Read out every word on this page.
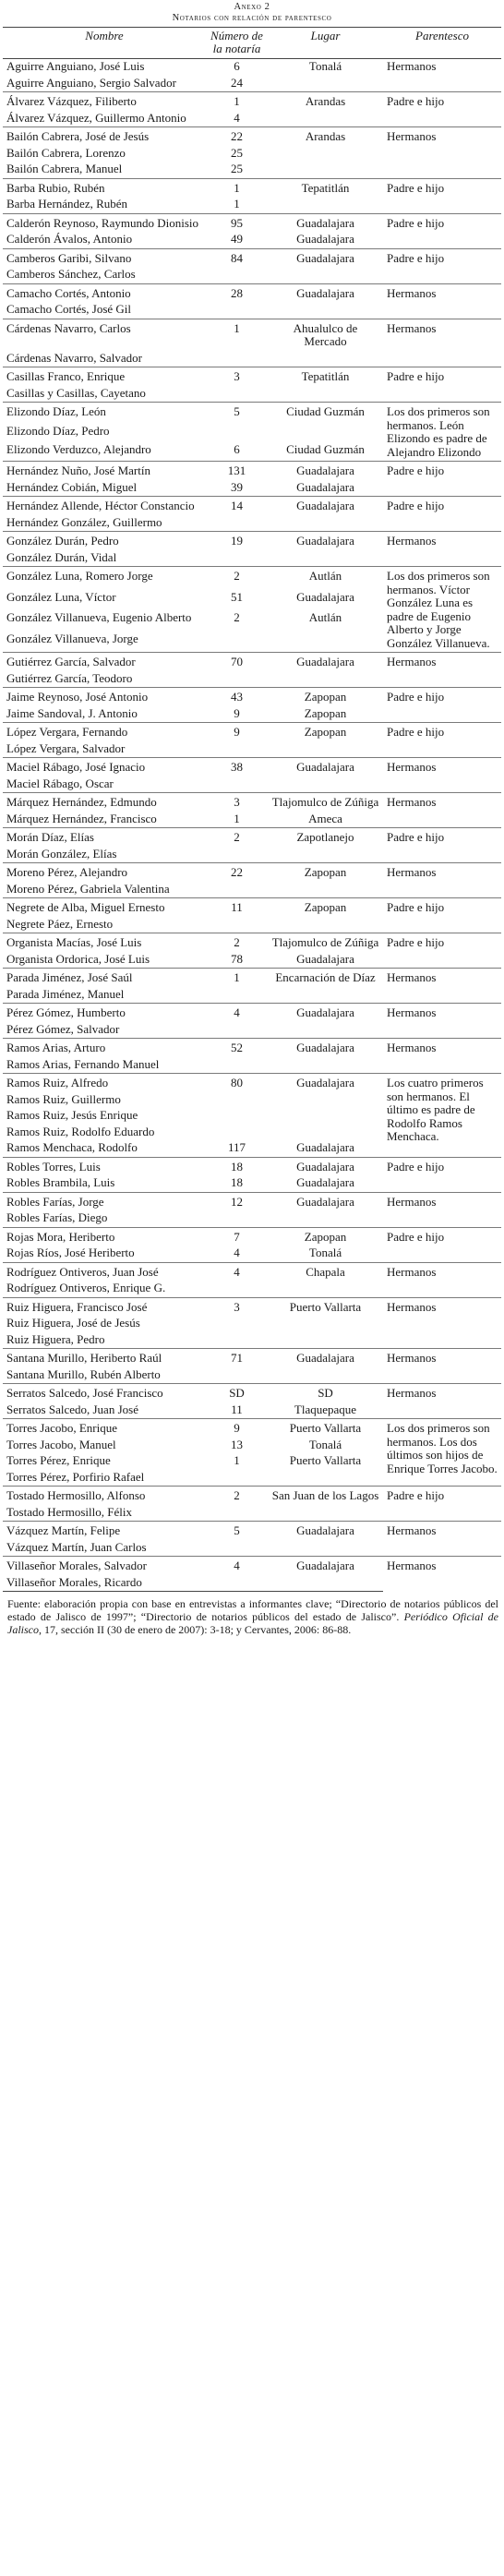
Anexo 2
Notarios con relación de parentesco
Nombre	Número de la notaría	Lugar	Parentesco
Aguirre Anguiano, José Luis	6	Tonalá	Hermanos
Aguirre Anguiano, Sergio Salvador	24		
Álvarez Vázquez, Filiberto	1	Arandas	Padre e hijo
Álvarez Vázquez, Guillermo Antonio	4		
Bailón Cabrera, José de Jesús	22	Arandas	Hermanos
Bailón Cabrera, Lorenzo	25		
Bailón Cabrera, Manuel	25		
Barba Rubio, Rubén	1	Tepatitlán	Padre e hijo
Barba Hernández, Rubén	1		
Calderón Reynoso, Raymundo Dionisio	95	Guadalajara	Padre e hijo
Calderón Ávalos, Antonio	49	Guadalajara	
Camberos Garibi, Silvano	84	Guadalajara	Padre e hijo
Camberos Sánchez, Carlos			
Camacho Cortés, Antonio	28	Guadalajara	Hermanos
Camacho Cortés, José Gil			
Cárdenas Navarro, Carlos	1	Ahualulco de Mercado	Hermanos
Cárdenas Navarro, Salvador			
Casillas Franco, Enrique	3	Tepatitlán	Padre e hijo
Casillas y Casillas, Cayetano			
Elizondo Díaz, León	5	Ciudad Guzmán	Los dos primeros son hermanos. León Elizondo es padre de Alejandro Elizondo
Elizondo Díaz, Pedro			
Elizondo Verduzco, Alejandro	6	Ciudad Guzmán	
Hernández Nuño, José Martín	131	Guadalajara	Padre e hijo
Hernández Cobián, Miguel	39	Guadalajara	
Hernández Allende, Héctor Constancio	14	Guadalajara	Padre e hijo
Hernández González, Guillermo			
González Durán, Pedro	19	Guadalajara	Hermanos
González Durán, Vidal			
González Luna, Romero Jorge	2	Autlán	Los dos primeros son hermanos. Víctor González Luna es padre de Eugenio Alberto y Jorge González Villanueva.
González Luna, Víctor	51	Guadalajara	
González Villanueva, Eugenio Alberto	2	Autlán	
González Villanueva, Jorge			
Gutiérrez García, Salvador	70	Guadalajara	Hermanos
Gutiérrez García, Teodoro			
Jaime Reynoso, José Antonio	43	Zapopan	Padre e hijo
Jaime Sandoval, J. Antonio	9	Zapopan	
López Vergara, Fernando	9	Zapopan	Padre e hijo
López Vergara, Salvador			
Maciel Rábago, José Ignacio	38	Guadalajara	Hermanos
Maciel Rábago, Oscar			
Márquez Hernández, Edmundo	3	Tlajomulco de Zúñiga	Hermanos
Márquez Hernández, Francisco	1	Ameca	
Morán Díaz, Elías	2	Zapotlanejo	Padre e hijo
Morán González, Elías			
Moreno Pérez, Alejandro	22	Zapopan	Hermanos
Moreno Pérez, Gabriela Valentina			
Negrete de Alba, Miguel Ernesto	11	Zapopan	Padre e hijo
Negrete Páez, Ernesto			
Organista Macías, José Luis	2	Tlajomulco de Zúñiga	Padre e hijo
Organista Ordorica, José Luis	78	Guadalajara	
Parada Jiménez, José Saúl	1	Encarnación de Díaz	Hermanos
Parada Jiménez, Manuel			
Pérez Gómez, Humberto	4	Guadalajara	Hermanos
Pérez Gómez, Salvador			
Ramos Arias, Arturo	52	Guadalajara	Hermanos
Ramos Arias, Fernando Manuel			
Ramos Ruiz, Alfredo	80	Guadalajara	Los cuatro primeros son hermanos. El último es padre de Rodolfo Ramos Menchaca.
Ramos Ruiz, Guillermo			
Ramos Ruiz, Jesús Enrique			
Ramos Ruiz, Rodolfo Eduardo			
Ramos Menchaca, Rodolfo	117	Guadalajara	
Robles Torres, Luis	18	Guadalajara	Padre e hijo
Robles Brambila, Luis	18	Guadalajara	
Robles Farías, Jorge	12	Guadalajara	Hermanos
Robles Farías, Diego			
Rojas Mora, Heriberto	7	Zapopan	Padre e hijo
Rojas Ríos, José Heriberto	4	Tonalá	
Rodríguez Ontiveros, Juan José	4	Chapala	Hermanos
Rodríguez Ontiveros, Enrique G.			
Ruiz Higuera, Francisco José	3	Puerto Vallarta	Hermanos
Ruiz Higuera, José de Jesús			
Ruiz Higuera, Pedro			
Santana Murillo, Heriberto Raúl	71	Guadalajara	Hermanos
Santana Murillo, Rubén Alberto			
Serratos Salcedo, José Francisco	SD	SD	Hermanos
Serratos Salcedo, Juan José	11	Tlaquepaque	
Torres Jacobo, Enrique	9	Puerto Vallarta	Los dos primeros son hermanos. Los dos últimos son hijos de Enrique Torres Jacobo.
Torres Jacobo, Manuel	13	Tonalá	
Torres Pérez, Enrique	1	Puerto Vallarta	
Torres Pérez, Porfirio Rafael			
Tostado Hermosillo, Alfonso	2	San Juan de los Lagos	Padre e hijo
Tostado Hermosillo, Félix			
Vázquez Martín, Felipe	5	Guadalajara	Hermanos
Vázquez Martín, Juan Carlos			
Villaseñor Morales, Salvador	4	Guadalajara	Hermanos
Villaseñor Morales, Ricardo			
Fuente: elaboración propia con base en entrevistas a informantes clave; “Directorio de notarios públicos del estado de Jalisco de 1997”; “Directorio de notarios públicos del estado de Jalisco”. Periódico Oficial de Jalisco, 17, sección II (30 de enero de 2007): 3-18; y Cervantes, 2006: 86-88.
